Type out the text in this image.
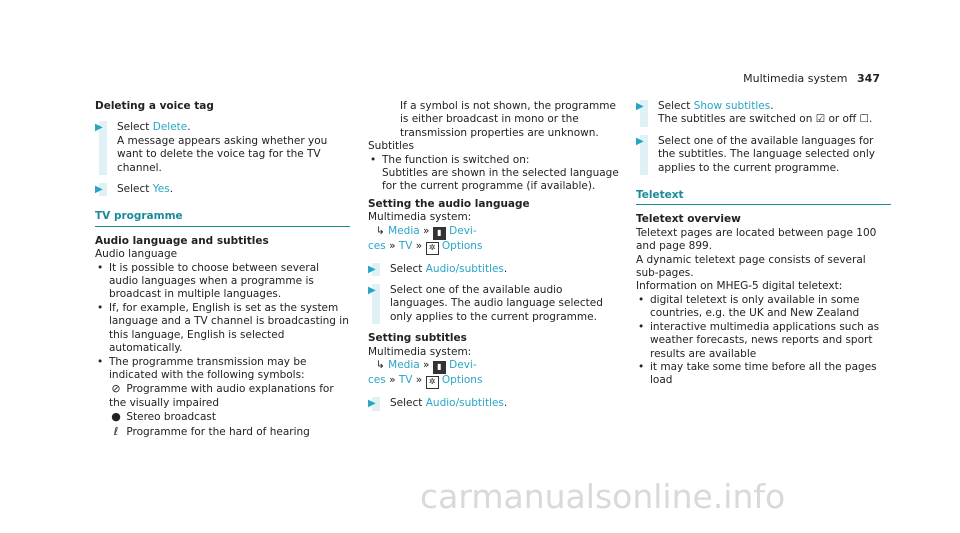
Multimedia system 347
Deleting a voice tag
▶	Select Delete.
A message appears asking whether you want to delete the voice tag for the TV channel.
▶	Select Yes.
TV programme
Audio language and subtitles
Audio language
• It is possible to choose between several audio languages when a programme is broadcast in multiple languages.
• If, for example, English is set as the system language and a TV channel is broadcasting in this language, English is selected automatically.
• The programme transmission may be indicated with the following symbols:
⊘ Programme with audio explanations for the visually impaired
● Stereo broadcast
ℓ Programme for the hard of hearing
If a symbol is not shown, the programme is either broadcast in mono or the transmission properties are unknown.
Subtitles
• The function is switched on:
Subtitles are shown in the selected language for the current programme (if available).
Setting the audio language
Multimedia system:
↳ Media » ▮ Devi-
ces » TV » ✲ Options
▶	Select Audio/subtitles.
▶	Select one of the available audio languages. The audio language selected only applies to the current programme.
Setting subtitles
Multimedia system:
↳ Media » ▮ Devi-
ces » TV » ✲ Options
▶	Select Audio/subtitles.
▶	Select Show subtitles.
The subtitles are switched on ☑ or off ☐.
▶	Select one of the available languages for the subtitles. The language selected only applies to the current programme.
Teletext
Teletext overview
Teletext pages are located between page 100 and page 899.
A dynamic teletext page consists of several sub-pages.
Information on MHEG-5 digital teletext:
• digital teletext is only available in some countries, e.g. the UK and New Zealand
• interactive multimedia applications such as weather forecasts, news reports and sport results are available
• it may take some time before all the pages load
carmanualsonline.info
